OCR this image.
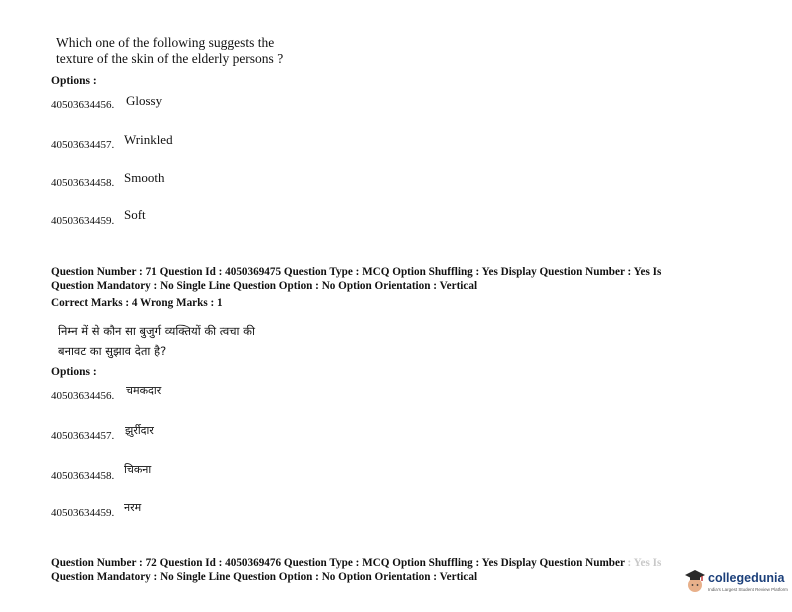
Which one of the following suggests the
texture of the skin of the elderly persons ?
Options :
40503634456. Glossy
40503634457. Wrinkled
40503634458. Smooth
40503634459. Soft
Question Number : 71 Question Id : 4050369475 Question Type : MCQ Option Shuffling : Yes Display Question Number : Yes Is
Question Mandatory : No Single Line Question Option : No Option Orientation : Vertical
Correct Marks : 4 Wrong Marks : 1
निम्न में से कौन सा बुजुर्ग व्यक्तियों की त्वचा की
बनावट का सुझाव देता है?
Options :
40503634456. चमकदार
40503634457. झुर्रीदार
40503634458. चिकना
40503634459. नरम
Question Number : 72 Question Id : 4050369476 Question Type : MCQ Option Shuffling : Yes Display Question Number : Yes Is
Question Mandatory : No Single Line Question Option : No Option Orientation : Vertical	collegedunia
India's Largest Student Review Platform
